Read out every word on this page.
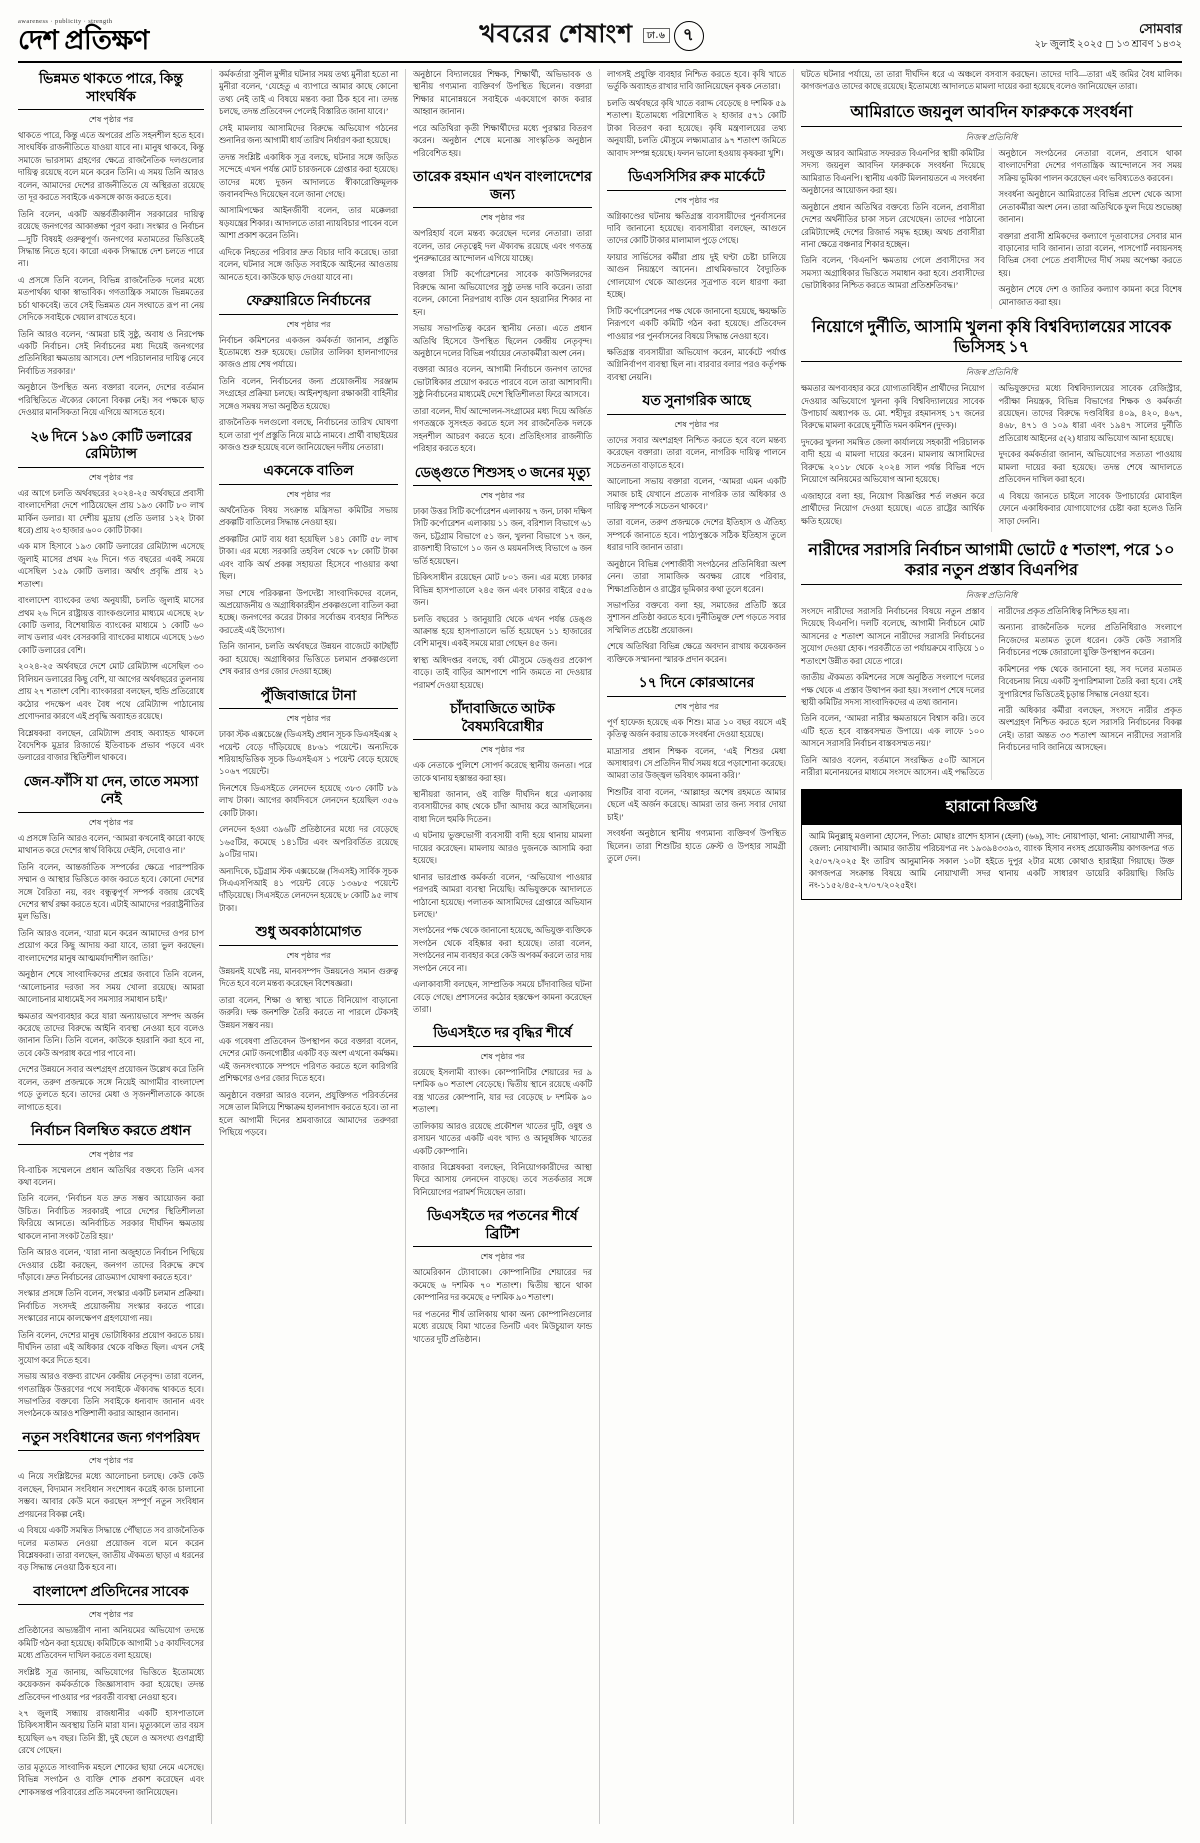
awareness · publicity · strength
দেশ প্রতিক্ষণ	খবরের শেষাংশ	ঢা.৬ ৭	সোমবার
২৮ জুলাই ২০২৫ ◻ ১৩ শ্রাবণ ১৪৩২
ভিন্নমত থাকতে পারে, কিন্তু সাংঘর্ষিক
শেষ পৃষ্ঠার পর

থাকতে পারে, কিন্তু এতে অপরের প্রতি সহনশীল হতে হবে। সাংঘর্ষিক রাজনীতিতে যাওয়া যাবে না। মানুষ থাকবে, কিন্তু সমাজে ভারসাম্য গ্রহণের ক্ষেত্রে রাজনৈতিক দলগুলোর দায়িত্ব রয়েছে বলে মনে করেন তিনি। এ সময় তিনি আরও বলেন, আমাদের দেশের রাজনীতিতে যে অস্থিরতা রয়েছে তা দূর করতে সবাইকে একসঙ্গে কাজ করতে হবে।

তিনি বলেন, একটি অন্তর্বর্তীকালীন সরকারের দায়িত্ব রয়েছে জনগণের আকাঙ্ক্ষা পূরণ করা। সংস্কার ও নির্বাচন—দুটি বিষয়ই গুরুত্বপূর্ণ। জনগণের মতামতের ভিত্তিতেই সিদ্ধান্ত নিতে হবে। কারো একক সিদ্ধান্তে দেশ চলতে পারে না।

এ প্রসঙ্গে তিনি বলেন, বিভিন্ন রাজনৈতিক দলের মধ্যে মতপার্থক্য থাকা স্বাভাবিক। গণতান্ত্রিক সমাজে ভিন্নমতের চর্চা থাকবেই। তবে সেই ভিন্নমত যেন সংঘাতে রূপ না নেয় সেদিকে সবাইকে খেয়াল রাখতে হবে।

তিনি আরও বলেন, ‘আমরা চাই সুষ্ঠু, অবাধ ও নিরপেক্ষ একটি নির্বাচন। সেই নির্বাচনের মধ্য দিয়েই জনগণের প্রতিনিধিরা ক্ষমতায় আসবে। দেশ পরিচালনার দায়িত্ব নেবে নির্বাচিত সরকার।’

অনুষ্ঠানে উপস্থিত অন্য বক্তারা বলেন, দেশের বর্তমান পরিস্থিতিতে ঐক্যের কোনো বিকল্প নেই। সব পক্ষকে ছাড় দেওয়ার মানসিকতা নিয়ে এগিয়ে আসতে হবে।

২৬ দিনে ১৯৩ কোটি ডলারের রেমিট্যান্স
শেষ পৃষ্ঠার পর

এর আগে চলতি অর্থবছরের ২০২৪-২৫ অর্থবছরে প্রবাসী বাংলাদেশিরা দেশে পাঠিয়েছেন প্রায় ১৯৩ কোটি ৮০ লাখ মার্কিন ডলার। যা দেশীয় মুদ্রায় (প্রতি ডলার ১২২ টাকা ধরে) প্রায় ২৩ হাজার ৬০০ কোটি টাকা।

এক মাস হিসাবে ১৯৩ কোটি ডলারের রেমিট্যান্স এসেছে জুলাই মাসের প্রথম ২৬ দিনে। গত বছরের একই সময়ে এসেছিল ১৫৯ কোটি ডলার। অর্থাৎ প্রবৃদ্ধি প্রায় ২১ শতাংশ।

বাংলাদেশ ব্যাংকের তথ্য অনুযায়ী, চলতি জুলাই মাসের প্রথম ২৬ দিনে রাষ্ট্রায়ত্ত ব্যাংকগুলোর মাধ্যমে এসেছে ২৮ কোটি ডলার, বিশেষায়িত ব্যাংকের মাধ্যমে ১ কোটি ৬০ লাখ ডলার এবং বেসরকারি ব্যাংকের মাধ্যমে এসেছে ১৬৩ কোটি ডলারের বেশি।

২০২৪-২৫ অর্থবছরে দেশে মোট রেমিট্যান্স এসেছিল ৩০ বিলিয়ন ডলারের কিছু বেশি, যা আগের অর্থবছরের তুলনায় প্রায় ২৭ শতাংশ বেশি। ব্যাংকাররা বলছেন, হুন্ডি প্রতিরোধে কঠোর পদক্ষেপ এবং বৈধ পথে রেমিট্যান্স পাঠানোয় প্রণোদনার কারণে এই প্রবৃদ্ধি অব্যাহত রয়েছে।

বিশ্লেষকরা বলছেন, রেমিট্যান্স প্রবাহ অব্যাহত থাকলে বৈদেশিক মুদ্রার রিজার্ভে ইতিবাচক প্রভাব পড়বে এবং ডলারের বাজার স্থিতিশীল থাকবে।

জেন-ফাঁসি যা দেন, তাতে সমস্যা নেই
শেষ পৃষ্ঠার পর

এ প্রসঙ্গে তিনি আরও বলেন, ‘আমরা কখনোই কারো কাছে মাথানত করে দেশের স্বার্থ বিকিয়ে দেইনি, দেবোও না।’

তিনি বলেন, আন্তর্জাতিক সম্পর্কের ক্ষেত্রে পারস্পরিক সম্মান ও আস্থার ভিত্তিতে কাজ করতে হবে। কোনো দেশের সঙ্গে বৈরিতা নয়, বরং বন্ধুত্বপূর্ণ সম্পর্ক বজায় রেখেই দেশের স্বার্থ রক্ষা করতে হবে। এটাই আমাদের পররাষ্ট্রনীতির মূল ভিত্তি।

তিনি আরও বলেন, ‘যারা মনে করেন আমাদের ওপর চাপ প্রয়োগ করে কিছু আদায় করা যাবে, তারা ভুল করছেন। বাংলাদেশের মানুষ আত্মমর্যাদাশীল জাতি।’

অনুষ্ঠান শেষে সাংবাদিকদের প্রশ্নের জবাবে তিনি বলেন, ‘আলোচনার দরজা সব সময় খোলা রয়েছে। আমরা আলোচনার মাধ্যমেই সব সমস্যার সমাধান চাই।’

ক্ষমতার অপব্যবহার করে যারা অন্যায়ভাবে সম্পদ অর্জন করেছে তাদের বিরুদ্ধে আইনি ব্যবস্থা নেওয়া হবে বলেও জানান তিনি। তিনি বলেন, কাউকে হয়রানি করা হবে না, তবে কেউ অপরাধ করে পার পাবে না।

দেশের উন্নয়নে সবার অংশগ্রহণ প্রয়োজন উল্লেখ করে তিনি বলেন, তরুণ প্রজন্মকে সঙ্গে নিয়েই আগামীর বাংলাদেশ গড়ে তুলতে হবে। তাদের মেধা ও সৃজনশীলতাকে কাজে লাগাতে হবে।

নির্বাচন বিলম্বিত করতে প্রধান
শেষ পৃষ্ঠার পর

বি-বাচিক সম্মেলনে প্রধান অতিথির বক্তব্যে তিনি এসব কথা বলেন।

তিনি বলেন, ‘নির্বাচন যত দ্রুত সম্ভব আয়োজন করা উচিত। নির্বাচিত সরকারই পারে দেশের স্থিতিশীলতা ফিরিয়ে আনতে। অনির্বাচিত সরকার দীর্ঘদিন ক্ষমতায় থাকলে নানা সংকট তৈরি হয়।’

তিনি আরও বলেন, ‘যারা নানা অজুহাতে নির্বাচন পিছিয়ে দেওয়ার চেষ্টা করছেন, জনগণ তাদের বিরুদ্ধে রুখে দাঁড়াবে। দ্রুত নির্বাচনের রোডম্যাপ ঘোষণা করতে হবে।’

সংস্কার প্রসঙ্গে তিনি বলেন, সংস্কার একটি চলমান প্রক্রিয়া। নির্বাচিত সংসদই প্রয়োজনীয় সংস্কার করতে পারে। সংস্কারের নামে কালক্ষেপণ গ্রহণযোগ্য নয়।

তিনি বলেন, দেশের মানুষ ভোটাধিকার প্রয়োগ করতে চায়। দীর্ঘদিন তারা এই অধিকার থেকে বঞ্চিত ছিল। এখন সেই সুযোগ করে দিতে হবে।

সভায় আরও বক্তব্য রাখেন কেন্দ্রীয় নেতৃবৃন্দ। তারা বলেন, গণতান্ত্রিক উত্তরণের পথে সবাইকে ঐক্যবদ্ধ থাকতে হবে। সভাপতির বক্তব্যে তিনি সবাইকে ধন্যবাদ জানান এবং সংগঠনকে আরও শক্তিশালী করার আহ্বান জানান।

নতুন সংবিধানের জন্য গণপরিষদ
শেষ পৃষ্ঠার পর

এ নিয়ে সংশ্লিষ্টদের মধ্যে আলোচনা চলছে। কেউ কেউ বলছেন, বিদ্যমান সংবিধান সংশোধন করেই কাজ চালানো সম্ভব। আবার কেউ মনে করছেন সম্পূর্ণ নতুন সংবিধান প্রণয়নের বিকল্প নেই।

এ বিষয়ে একটি সমন্বিত সিদ্ধান্তে পৌঁছাতে সব রাজনৈতিক দলের মতামত নেওয়া প্রয়োজন বলে মনে করেন বিশ্লেষকরা। তারা বলছেন, জাতীয় ঐকমত্য ছাড়া এ ধরনের বড় সিদ্ধান্ত নেওয়া ঠিক হবে না।

বাংলাদেশ প্রতিদিনের সাবেক
শেষ পৃষ্ঠার পর

প্রতিষ্ঠানের অভ্যন্তরীণ নানা অনিয়মের অভিযোগ তদন্তে কমিটি গঠন করা হয়েছে। কমিটিকে আগামী ১৫ কার্যদিবসের মধ্যে প্রতিবেদন দাখিল করতে বলা হয়েছে।

সংশ্লিষ্ট সূত্র জানায়, অভিযোগের ভিত্তিতে ইতোমধ্যে কয়েকজন কর্মকর্তাকে জিজ্ঞাসাবাদ করা হয়েছে। তদন্ত প্রতিবেদন পাওয়ার পর পরবর্তী ব্যবস্থা নেওয়া হবে।

২৭ জুলাই সন্ধ্যায় রাজধানীর একটি হাসপাতালে চিকিৎসাধীন অবস্থায় তিনি মারা যান। মৃত্যুকালে তার বয়স হয়েছিল ৬৭ বছর। তিনি স্ত্রী, দুই ছেলে ও অসংখ্য গুণগ্রাহী রেখে গেছেন।

তার মৃত্যুতে সাংবাদিক মহলে শোকের ছায়া নেমে এসেছে। বিভিন্ন সংগঠন ও ব্যক্তি শোক প্রকাশ করেছেন এবং শোকসন্তপ্ত পরিবারের প্রতি সমবেদনা জানিয়েছেন।

কর্মকর্তারা সুনীল মুন্সীর ঘটনার সময় তথ্য মুনীরা হতো না মুনীরা বলেন, ‘যেহেতু এ ব্যাপারে আমার কাছে কোনো তথ্য নেই তাই এ বিষয়ে মন্তব্য করা ঠিক হবে না। তদন্ত চলছে, তদন্ত প্রতিবেদন পেলেই বিস্তারিত জানা যাবে।’

সেই মামলায় আসামিদের বিরুদ্ধে অভিযোগ গঠনের শুনানির জন্য আগামী ধার্য তারিখ নির্ধারণ করা হয়েছে।

তদন্ত সংশ্লিষ্ট একাধিক সূত্র বলছে, ঘটনার সঙ্গে জড়িত সন্দেহে এখন পর্যন্ত মোট চারজনকে গ্রেপ্তার করা হয়েছে। তাদের মধ্যে দুজন আদালতে স্বীকারোক্তিমূলক জবানবন্দিও দিয়েছেন বলে জানা গেছে।

আসামিপক্ষের আইনজীবী বলেন, তার মক্কেলরা ষড়যন্ত্রের শিকার। আদালতে তারা ন্যায়বিচার পাবেন বলে আশা প্রকাশ করেন তিনি।

এদিকে নিহতের পরিবার দ্রুত বিচার দাবি করেছে। তারা বলেন, ঘটনার সঙ্গে জড়িত সবাইকে আইনের আওতায় আনতে হবে। কাউকে ছাড় দেওয়া যাবে না।

ফেব্রুয়ারিতে নির্বাচনের
শেষ পৃষ্ঠার পর

নির্বাচন কমিশনের একজন কর্মকর্তা জানান, প্রস্তুতি ইতোমধ্যে শুরু হয়েছে। ভোটার তালিকা হালনাগাদের কাজও প্রায় শেষ পর্যায়ে।

তিনি বলেন, নির্বাচনের জন্য প্রয়োজনীয় সরঞ্জাম সংগ্রহের প্রক্রিয়া চলছে। আইনশৃঙ্খলা রক্ষাকারী বাহিনীর সঙ্গেও সমন্বয় সভা অনুষ্ঠিত হয়েছে।

রাজনৈতিক দলগুলো বলছে, নির্বাচনের তারিখ ঘোষণা হলে তারা পূর্ণ প্রস্তুতি নিয়ে মাঠে নামবে। প্রার্থী বাছাইয়ের কাজও শুরু হয়েছে বলে জানিয়েছেন দলীয় নেতারা।

একনেকে বাতিল
শেষ পৃষ্ঠার পর

অর্থনৈতিক বিষয় সংক্রান্ত মন্ত্রিসভা কমিটির সভায় প্রকল্পটি বাতিলের সিদ্ধান্ত নেওয়া হয়।

প্রকল্পটির মোট ব্যয় ধরা হয়েছিল ১৪১ কোটি ৫৮ লাখ টাকা। এর মধ্যে সরকারি তহবিল থেকে ৭৮ কোটি টাকা এবং বাকি অর্থ প্রকল্প সহায়তা হিসেবে পাওয়ার কথা ছিল।

সভা শেষে পরিকল্পনা উপদেষ্টা সাংবাদিকদের বলেন, অপ্রয়োজনীয় ও অগ্রাধিকারহীন প্রকল্পগুলো বাতিল করা হচ্ছে। জনগণের করের টাকার সর্বোত্তম ব্যবহার নিশ্চিত করতেই এই উদ্যোগ।

তিনি জানান, চলতি অর্থবছরে উন্নয়ন বাজেটে কাটছাঁট করা হয়েছে। অগ্রাধিকার ভিত্তিতে চলমান প্রকল্পগুলো শেষ করার ওপর জোর দেওয়া হচ্ছে।

পুঁজিবাজারে টানা
শেষ পৃষ্ঠার পর

ঢাকা স্টক এক্সচেঞ্জে (ডিএসই) প্রধান সূচক ডিএসইএক্স ২ পয়েন্ট বেড়ে দাঁড়িয়েছে ৪৮৬১ পয়েন্টে। অন্যদিকে শরিয়াহভিত্তিক সূচক ডিএসইএস ১ পয়েন্ট বেড়ে হয়েছে ১০৬৭ পয়েন্টে।

দিনশেষে ডিএসইতে লেনদেন হয়েছে ৩৮৩ কোটি ৮৯ লাখ টাকা। আগের কার্যদিবসে লেনদেন হয়েছিল ৩৫৬ কোটি টাকা।

লেনদেন হওয়া ৩৯৬টি প্রতিষ্ঠানের মধ্যে দর বেড়েছে ১৬৫টির, কমেছে ১৪১টির এবং অপরিবর্তিত রয়েছে ৯০টির দাম।

অন্যদিকে, চট্টগ্রাম স্টক এক্সচেঞ্জে (সিএসই) সার্বিক সূচক সিএএসপিআই ৪১ পয়েন্ট বেড়ে ১৩৬৮৫ পয়েন্টে দাঁড়িয়েছে। সিএসইতে লেনদেন হয়েছে ৮ কোটি ৯৫ লাখ টাকা।

শুধু অবকাঠামোগত
শেষ পৃষ্ঠার পর

উন্নয়নই যথেষ্ট নয়, মানবসম্পদ উন্নয়নেও সমান গুরুত্ব দিতে হবে বলে মন্তব্য করেছেন বিশেষজ্ঞরা।

তারা বলেন, শিক্ষা ও স্বাস্থ্য খাতে বিনিয়োগ বাড়ানো জরুরি। দক্ষ জনশক্তি তৈরি করতে না পারলে টেকসই উন্নয়ন সম্ভব নয়।

এক গবেষণা প্রতিবেদন উপস্থাপন করে বক্তারা বলেন, দেশের মোট জনগোষ্ঠীর একটি বড় অংশ এখনো কর্মক্ষম। এই জনসংখ্যাকে সম্পদে পরিণত করতে হলে কারিগরি প্রশিক্ষণের ওপর জোর দিতে হবে।

অনুষ্ঠানে বক্তারা আরও বলেন, প্রযুক্তিগত পরিবর্তনের সঙ্গে তাল মিলিয়ে শিক্ষাক্রম হালনাগাদ করতে হবে। তা না হলে আগামী দিনের শ্রমবাজারে আমাদের তরুণরা পিছিয়ে পড়বে।

অনুষ্ঠানে বিদ্যালয়ের শিক্ষক, শিক্ষার্থী, অভিভাবক ও স্থানীয় গণ্যমান্য ব্যক্তিবর্গ উপস্থিত ছিলেন। বক্তারা শিক্ষার মানোন্নয়নে সবাইকে একযোগে কাজ করার আহ্বান জানান।

পরে অতিথিরা কৃতী শিক্ষার্থীদের মধ্যে পুরস্কার বিতরণ করেন। অনুষ্ঠান শেষে মনোজ্ঞ সাংস্কৃতিক অনুষ্ঠান পরিবেশিত হয়।

তারেক রহমান এখন বাংলাদেশের জন্য
শেষ পৃষ্ঠার পর

অপরিহার্য বলে মন্তব্য করেছেন দলের নেতারা। তারা বলেন, তার নেতৃত্বেই দল ঐক্যবদ্ধ রয়েছে এবং গণতন্ত্র পুনরুদ্ধারের আন্দোলন এগিয়ে যাচ্ছে।

বক্তারা সিটি কর্পোরেশনের সাবেক কাউন্সিলরদের বিরুদ্ধে আনা অভিযোগের সুষ্ঠু তদন্ত দাবি করেন। তারা বলেন, কোনো নিরপরাধ ব্যক্তি যেন হয়রানির শিকার না হন।

সভায় সভাপতিত্ব করেন স্থানীয় নেতা। এতে প্রধান অতিথি হিসেবে উপস্থিত ছিলেন কেন্দ্রীয় নেতৃবৃন্দ। অনুষ্ঠানে দলের বিভিন্ন পর্যায়ের নেতাকর্মীরা অংশ নেন।

বক্তারা আরও বলেন, আগামী নির্বাচনে জনগণ তাদের ভোটাধিকার প্রয়োগ করতে পারবে বলে তারা আশাবাদী। সুষ্ঠু নির্বাচনের মাধ্যমেই দেশে স্থিতিশীলতা ফিরে আসবে।

তারা বলেন, দীর্ঘ আন্দোলন-সংগ্রামের মধ্য দিয়ে অর্জিত গণতন্ত্রকে সুসংহত করতে হলে সব রাজনৈতিক দলকে সহনশীল আচরণ করতে হবে। প্রতিহিংসার রাজনীতি পরিহার করতে হবে।

ডেঙ্গুতে শিশুসহ ৩ জনের মৃত্যু
শেষ পৃষ্ঠার পর

ঢাকা উত্তর সিটি কর্পোরেশন এলাকায় ৭ জন, ঢাকা দক্ষিণ সিটি কর্পোরেশন এলাকায় ১১ জন, বরিশাল বিভাগে ৬১ জন, চট্টগ্রাম বিভাগে ৫১ জন, খুলনা বিভাগে ১৭ জন, রাজশাহী বিভাগে ১০ জন ও ময়মনসিংহ বিভাগে ৬ জন ভর্তি হয়েছেন।

চিকিৎসাধীন রয়েছেন মোট ৮০১ জন। এর মধ্যে ঢাকার বিভিন্ন হাসপাতালে ২৪৫ জন এবং ঢাকার বাইরে ৫৫৬ জন।

চলতি বছরের ১ জানুয়ারি থেকে এখন পর্যন্ত ডেঙ্গু আক্রান্ত হয়ে হাসপাতালে ভর্তি হয়েছেন ১১ হাজারের বেশি মানুষ। একই সময়ে মারা গেছেন ৪৫ জন।

স্বাস্থ্য অধিদপ্তর বলছে, বর্ষা মৌসুমে ডেঙ্গুর প্রকোপ বাড়ে। তাই বাড়ির আশপাশে পানি জমতে না দেওয়ার পরামর্শ দেওয়া হয়েছে।

চাঁদাবাজিতে আটক বৈষম্যবিরোধীর
শেষ পৃষ্ঠার পর

এক নেতাকে পুলিশে সোপর্দ করেছে স্থানীয় জনতা। পরে তাকে থানায় হস্তান্তর করা হয়।

স্থানীয়রা জানান, ওই ব্যক্তি দীর্ঘদিন ধরে এলাকায় ব্যবসায়ীদের কাছ থেকে চাঁদা আদায় করে আসছিলেন। বাধা দিলে হুমকি দিতেন।

এ ঘটনায় ভুক্তভোগী ব্যবসায়ী বাদী হয়ে থানায় মামলা দায়ের করেছেন। মামলায় আরও দুজনকে আসামি করা হয়েছে।

থানার ভারপ্রাপ্ত কর্মকর্তা বলেন, ‘অভিযোগ পাওয়ার পরপরই আমরা ব্যবস্থা নিয়েছি। অভিযুক্তকে আদালতে পাঠানো হয়েছে। পলাতক আসামিদের গ্রেপ্তারে অভিযান চলছে।’

সংগঠনের পক্ষ থেকে জানানো হয়েছে, অভিযুক্ত ব্যক্তিকে সংগঠন থেকে বহিষ্কার করা হয়েছে। তারা বলেন, সংগঠনের নাম ব্যবহার করে কেউ অপকর্ম করলে তার দায় সংগঠন নেবে না।

এলাকাবাসী বলছেন, সাম্প্রতিক সময়ে চাঁদাবাজির ঘটনা বেড়ে গেছে। প্রশাসনের কঠোর হস্তক্ষেপ কামনা করেছেন তারা।

ডিএসইতে দর বৃদ্ধির শীর্ষে
শেষ পৃষ্ঠার পর

রয়েছে ইসলামী ব্যাংক। কোম্পানিটির শেয়ারের দর ৯ দশমিক ৬০ শতাংশ বেড়েছে। দ্বিতীয় স্থানে রয়েছে একটি বস্ত্র খাতের কোম্পানি, যার দর বেড়েছে ৮ দশমিক ৯০ শতাংশ।

তালিকায় আরও রয়েছে প্রকৌশল খাতের দুটি, ওষুধ ও রসায়ন খাতের একটি এবং খাদ্য ও আনুষঙ্গিক খাতের একটি কোম্পানি।

বাজার বিশ্লেষকরা বলছেন, বিনিয়োগকারীদের আস্থা ফিরে আসায় লেনদেন বাড়ছে। তবে সতর্কতার সঙ্গে বিনিয়োগের পরামর্শ দিয়েছেন তারা।

ডিএসইতে দর পতনের শীর্ষে ব্রিটিশ
শেষ পৃষ্ঠার পর

আমেরিকান ট্যোবাকো। কোম্পানিটির শেয়ারের দর কমেছে ৬ দশমিক ৭০ শতাংশ। দ্বিতীয় স্থানে থাকা কোম্পানির দর কমেছে ৫ দশমিক ৯০ শতাংশ।

দর পতনের শীর্ষ তালিকায় থাকা অন্য কোম্পানিগুলোর মধ্যে রয়েছে বিমা খাতের তিনটি এবং মিউচুয়াল ফান্ড খাতের দুটি প্রতিষ্ঠান।

লাগসই প্রযুক্তি ব্যবহার নিশ্চিত করতে হবে। কৃষি খাতে ভর্তুকি অব্যাহত রাখার দাবি জানিয়েছেন কৃষক নেতারা।

চলতি অর্থবছরে কৃষি খাতে বরাদ্দ বেড়েছে ৪ দশমিক ৫৯ শতাংশ। ইতোমধ্যে পরিশোধিত ২ হাজার ৫৭১ কোটি টাকা বিতরণ করা হয়েছে। কৃষি মন্ত্রণালয়ের তথ্য অনুযায়ী, চলতি মৌসুমে লক্ষ্যমাত্রার ৯৭ শতাংশ জমিতে আবাদ সম্পন্ন হয়েছে। ফলন ভালো হওয়ায় কৃষকরা খুশি।

ডিএসসিসির রুক মার্কেটে
শেষ পৃষ্ঠার পর

অগ্নিকাণ্ডের ঘটনায় ক্ষতিগ্রস্ত ব্যবসায়ীদের পুনর্বাসনের দাবি জানানো হয়েছে। ব্যবসায়ীরা বলছেন, আগুনে তাদের কোটি টাকার মালামাল পুড়ে গেছে।

ফায়ার সার্ভিসের কর্মীরা প্রায় দুই ঘণ্টা চেষ্টা চালিয়ে আগুন নিয়ন্ত্রণে আনেন। প্রাথমিকভাবে বৈদ্যুতিক গোলযোগ থেকে আগুনের সূত্রপাত বলে ধারণা করা হচ্ছে।

সিটি কর্পোরেশনের পক্ষ থেকে জানানো হয়েছে, ক্ষয়ক্ষতি নিরূপণে একটি কমিটি গঠন করা হয়েছে। প্রতিবেদন পাওয়ার পর পুনর্বাসনের বিষয়ে সিদ্ধান্ত নেওয়া হবে।

ক্ষতিগ্রস্ত ব্যবসায়ীরা অভিযোগ করেন, মার্কেটে পর্যাপ্ত অগ্নিনির্বাপণ ব্যবস্থা ছিল না। বারবার বলার পরও কর্তৃপক্ষ ব্যবস্থা নেয়নি।

যত সুনাগরিক আছে
শেষ পৃষ্ঠার পর

তাদের সবার অংশগ্রহণ নিশ্চিত করতে হবে বলে মন্তব্য করেছেন বক্তারা। তারা বলেন, নাগরিক দায়িত্ব পালনে সচেতনতা বাড়াতে হবে।

আলোচনা সভায় বক্তারা বলেন, ‘আমরা এমন একটি সমাজ চাই যেখানে প্রত্যেক নাগরিক তার অধিকার ও দায়িত্ব সম্পর্কে সচেতন থাকবে।’

তারা বলেন, তরুণ প্রজন্মকে দেশের ইতিহাস ও ঐতিহ্য সম্পর্কে জানাতে হবে। পাঠ্যপুস্তকে সঠিক ইতিহাস তুলে ধরার দাবি জানান তারা।

অনুষ্ঠানে বিভিন্ন পেশাজীবী সংগঠনের প্রতিনিধিরা অংশ নেন। তারা সামাজিক অবক্ষয় রোধে পরিবার, শিক্ষাপ্রতিষ্ঠান ও রাষ্ট্রের ভূমিকার কথা তুলে ধরেন।

সভাপতির বক্তব্যে বলা হয়, সমাজের প্রতিটি স্তরে সুশাসন প্রতিষ্ঠা করতে হবে। দুর্নীতিমুক্ত দেশ গড়তে সবার সম্মিলিত প্রচেষ্টা প্রয়োজন।

শেষে অতিথিরা বিভিন্ন ক্ষেত্রে অবদান রাখায় কয়েকজন ব্যক্তিকে সম্মাননা স্মারক প্রদান করেন।

১৭ দিনে কোরআনের
শেষ পৃষ্ঠার পর

পূর্ণ হাফেজ হয়েছে এক শিশু। মাত্র ১০ বছর বয়সে এই কৃতিত্ব অর্জন করায় তাকে সংবর্ধনা দেওয়া হয়েছে।

মাদ্রাসার প্রধান শিক্ষক বলেন, ‘এই শিশুর মেধা অসাধারণ। সে প্রতিদিন দীর্ঘ সময় ধরে পড়াশোনা করেছে। আমরা তার উজ্জ্বল ভবিষ্যৎ কামনা করি।’

শিশুটির বাবা বলেন, ‘আল্লাহর অশেষ রহমতে আমার ছেলে এই অর্জন করেছে। আমরা তার জন্য সবার দোয়া চাই।’

সংবর্ধনা অনুষ্ঠানে স্থানীয় গণ্যমান্য ব্যক্তিবর্গ উপস্থিত ছিলেন। তারা শিশুটির হাতে ক্রেস্ট ও উপহার সামগ্রী তুলে দেন।

ঘটতে ঘটনার পর্যায়ে, তা তারা দীর্ঘদিন ধরে এ অঞ্চলে বসবাস করছেন। তাদের দাবি—তারা এই জমির বৈধ মালিক। কাগজপত্রও তাদের কাছে রয়েছে। ইতোমধ্যে আদালতে মামলা দায়ের করা হয়েছে বলেও জানিয়েছেন তারা।

আমিরাতে জয়নুল আবদিন ফারুককে সংবর্ধনা
নিজস্ব প্রতিনিধি

সংযুক্ত আরব আমিরাত সফররত বিএনপির স্থায়ী কমিটির সদস্য জয়নুল আবদিন ফারুককে সংবর্ধনা দিয়েছে আমিরাত বিএনপি। স্থানীয় একটি মিলনায়তনে এ সংবর্ধনা অনুষ্ঠানের আয়োজন করা হয়।

অনুষ্ঠানে প্রধান অতিথির বক্তব্যে তিনি বলেন, প্রবাসীরা দেশের অর্থনীতির চাকা সচল রেখেছেন। তাদের পাঠানো রেমিট্যান্সেই দেশের রিজার্ভ সমৃদ্ধ হচ্ছে। অথচ প্রবাসীরা নানা ক্ষেত্রে বঞ্চনার শিকার হচ্ছেন।

তিনি বলেন, ‘বিএনপি ক্ষমতায় গেলে প্রবাসীদের সব সমস্যা অগ্রাধিকার ভিত্তিতে সমাধান করা হবে। প্রবাসীদের ভোটাধিকার নিশ্চিত করতে আমরা প্রতিশ্রুতিবদ্ধ।’

অনুষ্ঠানে সংগঠনের নেতারা বলেন, প্রবাসে থাকা বাংলাদেশিরা দেশের গণতান্ত্রিক আন্দোলনে সব সময় সক্রিয় ভূমিকা পালন করেছেন এবং ভবিষ্যতেও করবেন।

সংবর্ধনা অনুষ্ঠানে আমিরাতের বিভিন্ন প্রদেশ থেকে আসা নেতাকর্মীরা অংশ নেন। তারা অতিথিকে ফুল দিয়ে শুভেচ্ছা জানান।

বক্তারা প্রবাসী শ্রমিকদের কল্যাণে দূতাবাসের সেবার মান বাড়ানোর দাবি জানান। তারা বলেন, পাসপোর্ট নবায়নসহ বিভিন্ন সেবা পেতে প্রবাসীদের দীর্ঘ সময় অপেক্ষা করতে হয়।

অনুষ্ঠান শেষে দেশ ও জাতির কল্যাণ কামনা করে বিশেষ মোনাজাত করা হয়।

নিয়োগে দুর্নীতি, আসামি খুলনা কৃষি বিশ্ববিদ্যালয়ের সাবেক ভিসিসহ ১৭
নিজস্ব প্রতিনিধি

ক্ষমতার অপব্যবহার করে যোগ্যতাবিহীন প্রার্থীদের নিয়োগ দেওয়ার অভিযোগে খুলনা কৃষি বিশ্ববিদ্যালয়ের সাবেক উপাচার্য অধ্যাপক ড. মো. শহীদুর রহমানসহ ১৭ জনের বিরুদ্ধে মামলা করেছে দুর্নীতি দমন কমিশন (দুদক)।

দুদকের খুলনা সমন্বিত জেলা কার্যালয়ে সহকারী পরিচালক বাদী হয়ে এ মামলা দায়ের করেন। মামলায় আসামিদের বিরুদ্ধে ২০১৮ থেকে ২০২৪ সাল পর্যন্ত বিভিন্ন পদে নিয়োগে অনিয়মের অভিযোগ আনা হয়েছে।

এজাহারে বলা হয়, নিয়োগ বিজ্ঞপ্তির শর্ত লঙ্ঘন করে প্রার্থীদের নিয়োগ দেওয়া হয়েছে। এতে রাষ্ট্রের আর্থিক ক্ষতি হয়েছে।

অভিযুক্তদের মধ্যে বিশ্ববিদ্যালয়ের সাবেক রেজিস্ট্রার, পরীক্ষা নিয়ন্ত্রক, বিভিন্ন বিভাগের শিক্ষক ও কর্মকর্তা রয়েছেন। তাদের বিরুদ্ধে দণ্ডবিধির ৪০৯, ৪২০, ৪৬৭, ৪৬৮, ৪৭১ ও ১০৯ ধারা এবং ১৯৪৭ সালের দুর্নীতি প্রতিরোধ আইনের ৫(২) ধারায় অভিযোগ আনা হয়েছে।

দুদকের কর্মকর্তারা জানান, অভিযোগের সত্যতা পাওয়ায় মামলা দায়ের করা হয়েছে। তদন্ত শেষে আদালতে প্রতিবেদন দাখিল করা হবে।

এ বিষয়ে জানতে চাইলে সাবেক উপাচার্যের মোবাইল ফোনে একাধিকবার যোগাযোগের চেষ্টা করা হলেও তিনি সাড়া দেননি।

নারীদের সরাসরি নির্বাচন আগামী ভোটে ৫ শতাংশ, পরে ১০ করার নতুন প্রস্তাব বিএনপির
নিজস্ব প্রতিনিধি

সংসদে নারীদের সরাসরি নির্বাচনের বিষয়ে নতুন প্রস্তাব দিয়েছে বিএনপি। দলটি বলেছে, আগামী নির্বাচনে মোট আসনের ৫ শতাংশ আসনে নারীদের সরাসরি নির্বাচনের সুযোগ দেওয়া হোক। পরবর্তীতে তা পর্যায়ক্রমে বাড়িয়ে ১০ শতাংশে উন্নীত করা যেতে পারে।

জাতীয় ঐকমত্য কমিশনের সঙ্গে অনুষ্ঠিত সংলাপে দলের পক্ষ থেকে এ প্রস্তাব উত্থাপন করা হয়। সংলাপ শেষে দলের স্থায়ী কমিটির সদস্য সাংবাদিকদের এ তথ্য জানান।

তিনি বলেন, ‘আমরা নারীর ক্ষমতায়নে বিশ্বাস করি। তবে এটি হতে হবে বাস্তবসম্মত উপায়ে। এক লাফে ১০০ আসনে সরাসরি নির্বাচন বাস্তবসম্মত নয়।’

তিনি আরও বলেন, বর্তমানে সংরক্ষিত ৫০টি আসনে নারীরা মনোনয়নের মাধ্যমে সংসদে আসেন। এই পদ্ধতিতে নারীদের প্রকৃত প্রতিনিধিত্ব নিশ্চিত হয় না।

অন্যান্য রাজনৈতিক দলের প্রতিনিধিরাও সংলাপে নিজেদের মতামত তুলে ধরেন। কেউ কেউ সরাসরি নির্বাচনের পক্ষে জোরালো যুক্তি উপস্থাপন করেন।

কমিশনের পক্ষ থেকে জানানো হয়, সব দলের মতামত বিবেচনায় নিয়ে একটি সুপারিশমালা তৈরি করা হবে। সেই সুপারিশের ভিত্তিতেই চূড়ান্ত সিদ্ধান্ত নেওয়া হবে।

নারী অধিকার কর্মীরা বলছেন, সংসদে নারীর প্রকৃত অংশগ্রহণ নিশ্চিত করতে হলে সরাসরি নির্বাচনের বিকল্প নেই। তারা অন্তত ৩৩ শতাংশ আসনে নারীদের সরাসরি নির্বাচনের দাবি জানিয়ে আসছেন।

হারানো বিজ্ঞপ্তি
আমি মিনুল্লাহ্‌ মওলানা হোসেন, পিতা: মোছাঃ রাশেদ হাসান (হেলা) (৬৬), সাং: নোয়াপাড়া, থানা: নোয়াখালী সদর, জেলা: নোয়াখালী। আমার জাতীয় পরিচয়পত্র নং ১৯৩৯৪৩৩৯৩, ব্যাংক হিসাব নংসহ প্রয়োজনীয় কাগজপত্র গত ২৫/০৭/২০২৫ ইং তারিখ আনুমানিক সকাল ১০টা হইতে দুপুর ২টার মধ্যে কোথাও হারাইয়া গিয়াছে। উক্ত কাগজপত্র সংক্রান্ত বিষয়ে আমি নোয়াখালী সদর থানায় একটি সাধারণ ডায়েরি করিয়াছি। জিডি নং-১১৫২/৪৫-২৭/০৭/২০২৫ইং।
